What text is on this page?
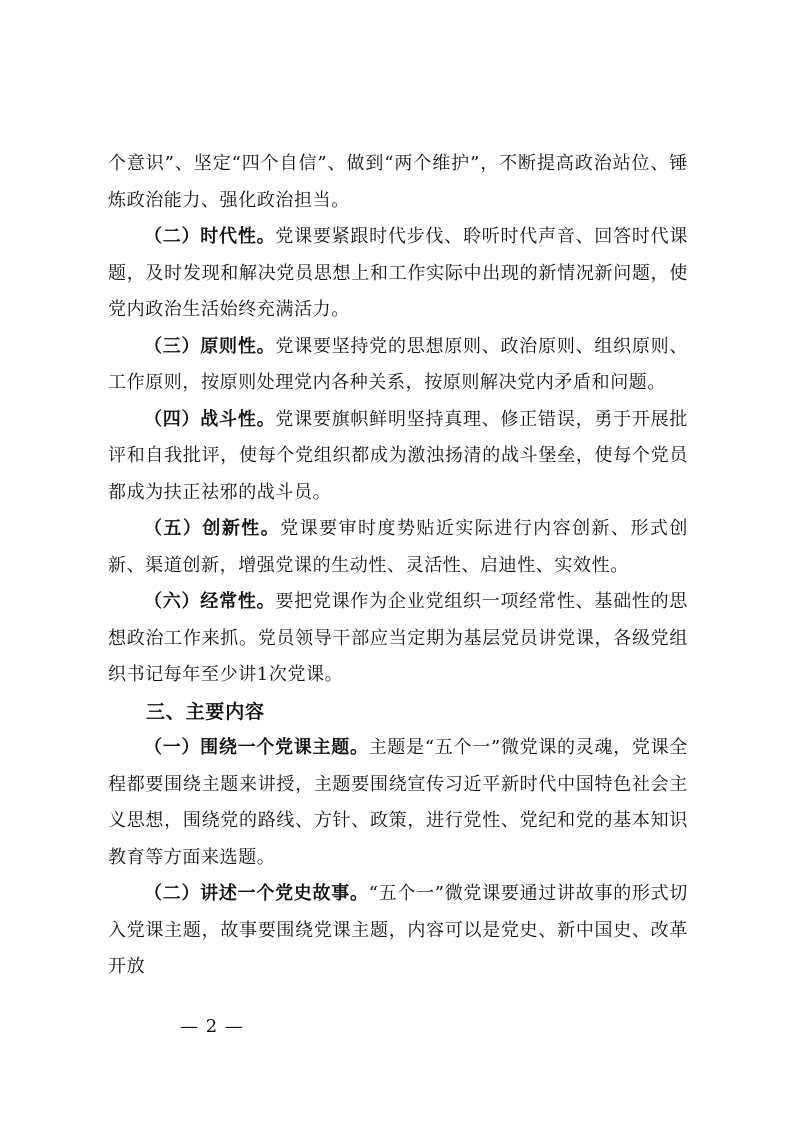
个意识”、坚定“四个自信”、做到“两个维护”，不断提高政治站位、锤炼政治能力、强化政治担当。

（二）时代性。党课要紧跟时代步伐、聆听时代声音、回答时代课题，及时发现和解决党员思想上和工作实际中出现的新情况新问题，使党内政治生活始终充满活力。

（三）原则性。党课要坚持党的思想原则、政治原则、组织原则、工作原则，按原则处理党内各种关系，按原则解决党内矛盾和问题。

（四）战斗性。党课要旗帜鲜明坚持真理、修正错误，勇于开展批评和自我批评，使每个党组织都成为激浊扬清的战斗堡垒，使每个党员都成为扶正祛邪的战斗员。

（五）创新性。党课要审时度势贴近实际进行内容创新、形式创新、渠道创新，增强党课的生动性、灵活性、启迪性、实效性。

（六）经常性。要把党课作为企业党组织一项经常性、基础性的思想政治工作来抓。党员领导干部应当定期为基层党员讲党课，各级党组织书记每年至少讲1次党课。

三、主要内容

（一）围绕一个党课主题。主题是“五个一”微党课的灵魂，党课全程都要围绕主题来讲授，主题要围绕宣传习近平新时代中国特色社会主义思想，围绕党的路线、方针、政策，进行党性、党纪和党的基本知识教育等方面来选题。

（二）讲述一个党史故事。“五个一”微党课要通过讲故事的形式切入党课主题，故事要围绕党课主题，内容可以是党史、新中国史、改革开放

— 2 —
